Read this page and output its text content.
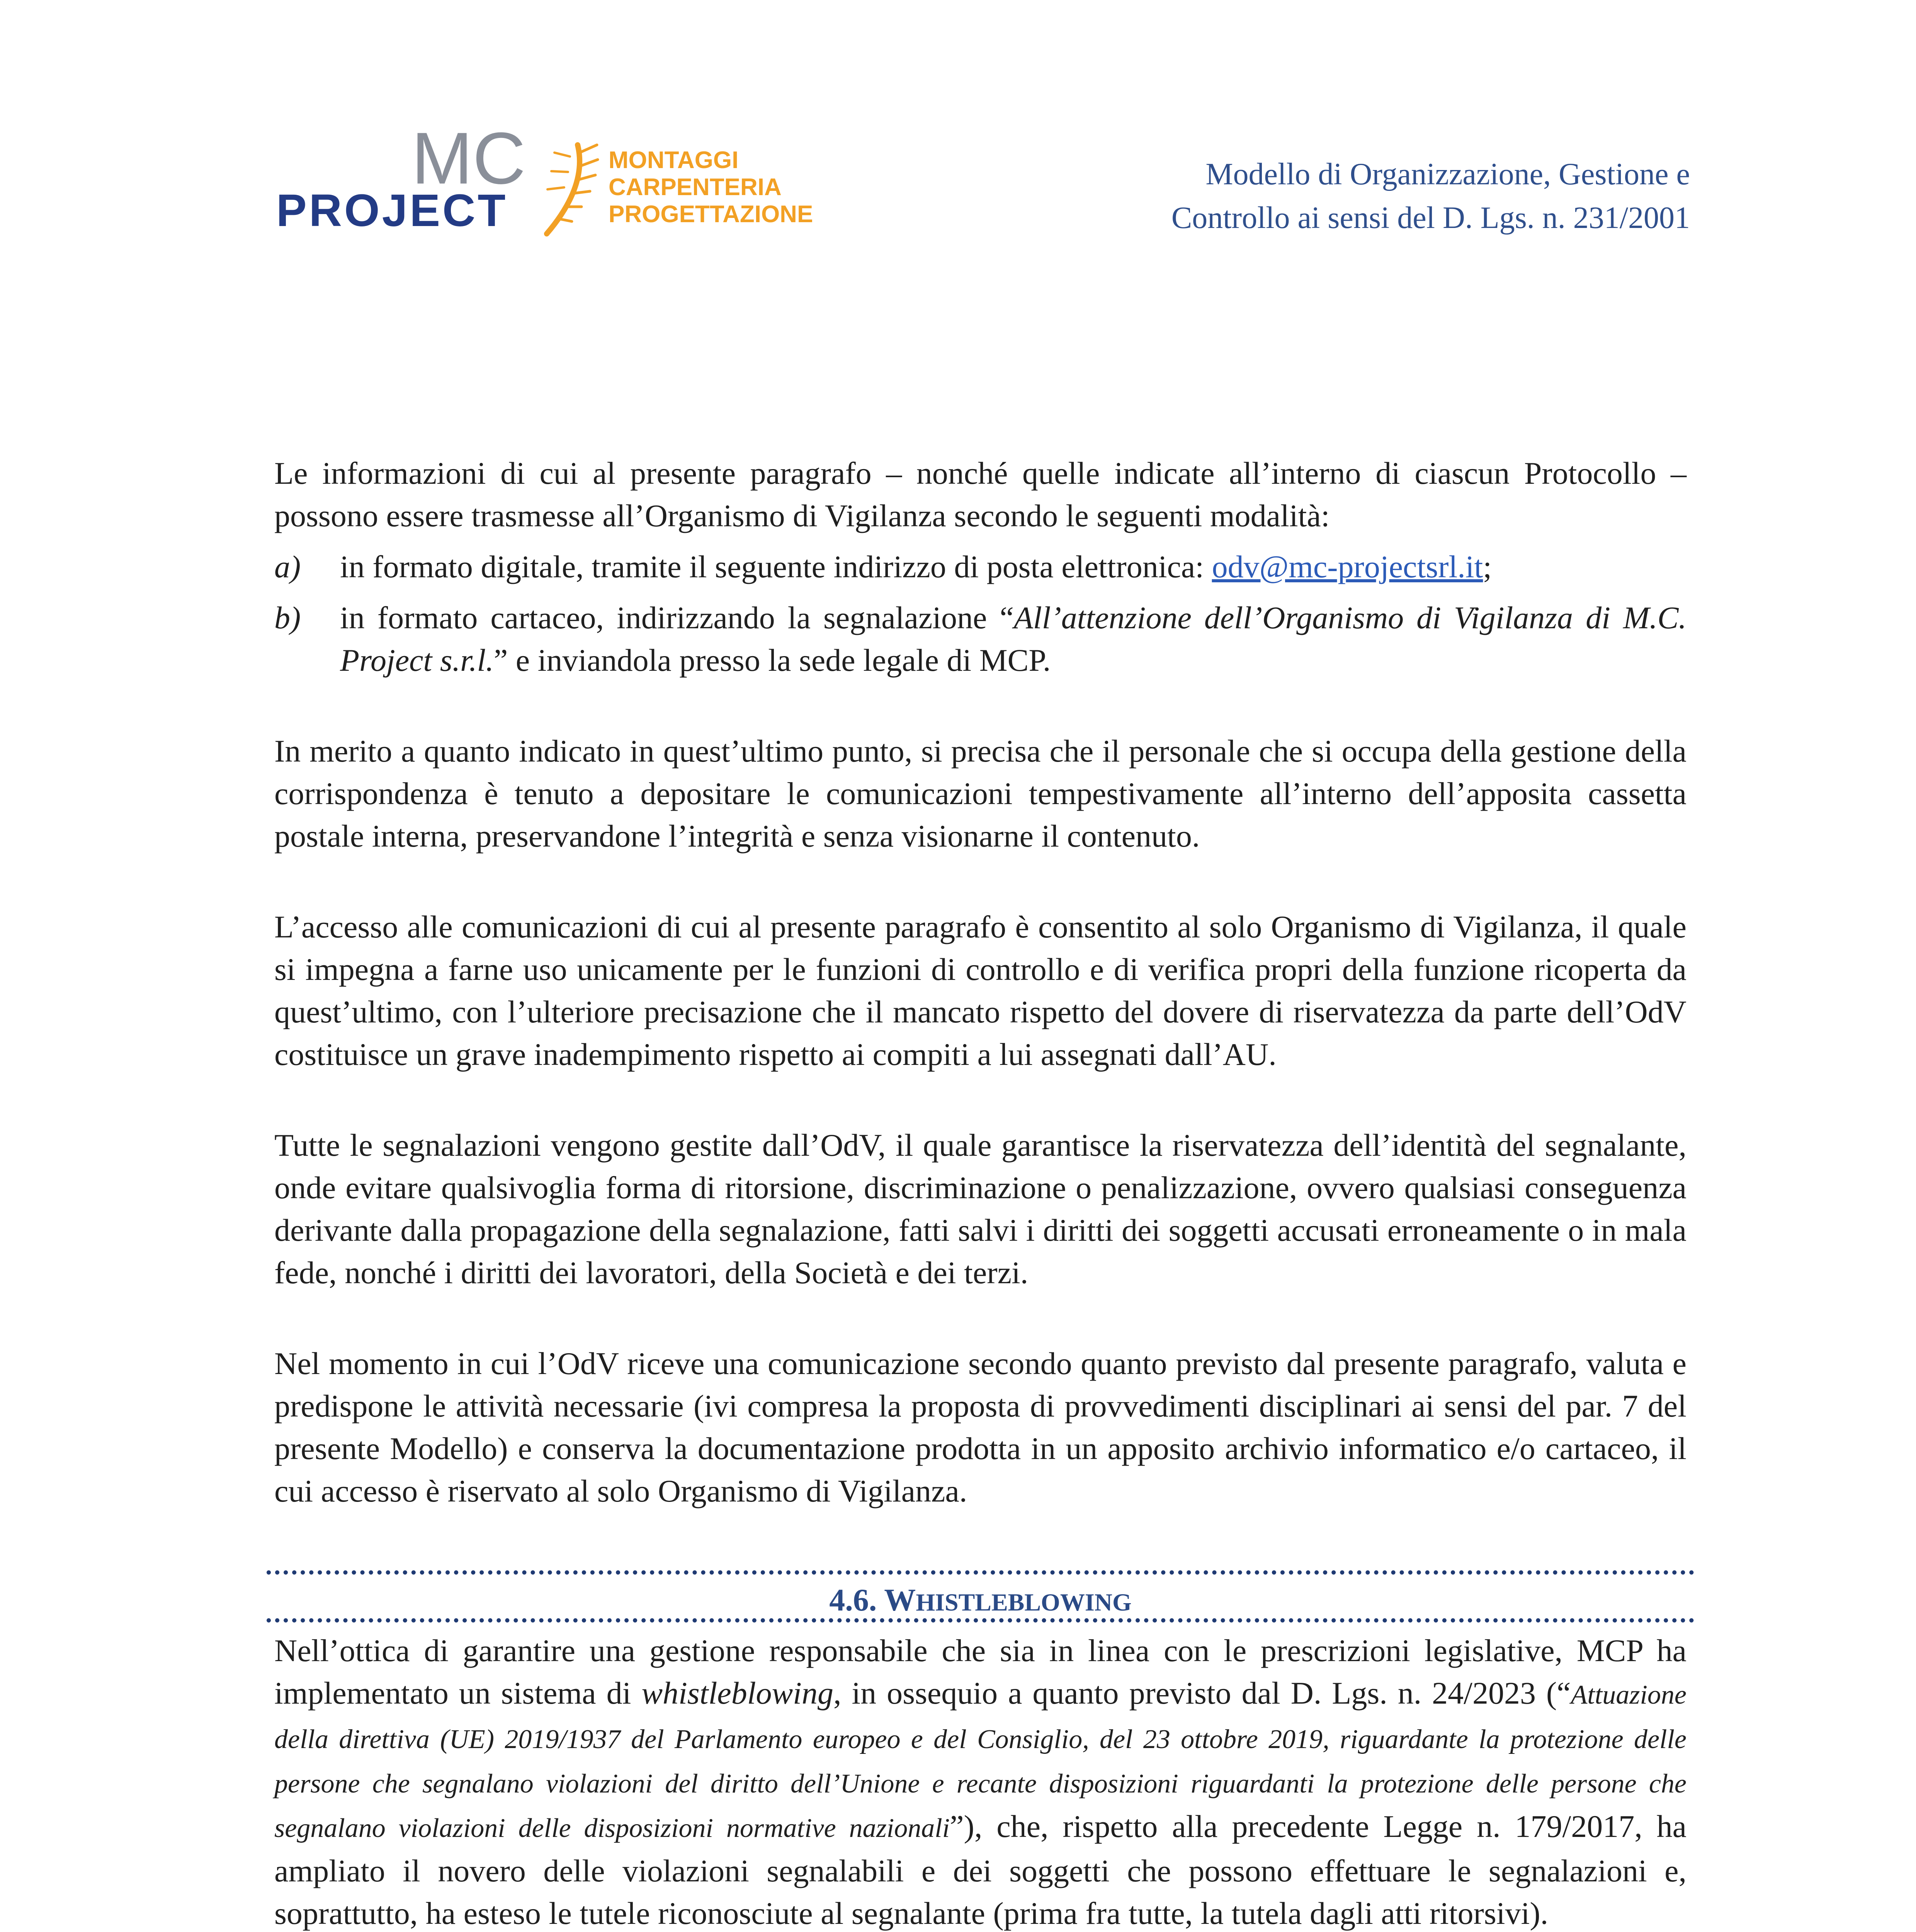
MC
PROJECT
MONTAGGI
CARPENTERIA
PROGETTAZIONE
Modello di Organizzazione, Gestione e
Controllo ai sensi del D. Lgs. n. 231/2001

Le informazioni di cui al presente paragrafo – nonché quelle indicate all’interno di ciascun Protocollo – possono essere trasmesse all’Organismo di Vigilanza secondo le seguenti modalità:

a)	in formato digitale, tramite il seguente indirizzo di posta elettronica: odv@mc-projectsrl.it;
b)	in formato cartaceo, indirizzando la segnalazione “All’attenzione dell’Organismo di Vigilanza di M.C. Project s.r.l.” e inviandola presso la sede legale di MCP.

In merito a quanto indicato in quest’ultimo punto, si precisa che il personale che si occupa della gestione della corrispondenza è tenuto a depositare le comunicazioni tempestivamente all’interno dell’apposita cassetta postale interna, preservandone l’integrità e senza visionarne il contenuto.

L’accesso alle comunicazioni di cui al presente paragrafo è consentito al solo Organismo di Vigilanza, il quale si impegna a farne uso unicamente per le funzioni di controllo e di verifica propri della funzione ricoperta da quest’ultimo, con l’ulteriore precisazione che il mancato rispetto del dovere di riservatezza da parte dell’OdV costituisce un grave inadempimento rispetto ai compiti a lui assegnati dall’AU.

Tutte le segnalazioni vengono gestite dall’OdV, il quale garantisce la riservatezza dell’identità del segnalante, onde evitare qualsivoglia forma di ritorsione, discriminazione o penalizzazione, ovvero qualsiasi conseguenza derivante dalla propagazione della segnalazione, fatti salvi i diritti dei soggetti accusati erroneamente o in mala fede, nonché i diritti dei lavoratori, della Società e dei terzi.

Nel momento in cui l’OdV riceve una comunicazione secondo quanto previsto dal presente paragrafo, valuta e predispone le attività necessarie (ivi compresa la proposta di provvedimenti disciplinari ai sensi del par. 7 del presente Modello) e conserva la documentazione prodotta in un apposito archivio informatico e/o cartaceo, il cui accesso è riservato al solo Organismo di Vigilanza.

4.6. WHISTLEBLOWING

Nell’ottica di garantire una gestione responsabile che sia in linea con le prescrizioni legislative, MCP ha implementato un sistema di whistleblowing, in ossequio a quanto previsto dal D. Lgs. n. 24/2023 (“Attuazione della direttiva (UE) 2019/1937 del Parlamento europeo e del Consiglio, del 23 ottobre 2019, riguardante la protezione delle persone che segnalano violazioni del diritto dell’Unione e recante disposizioni riguardanti la protezione delle persone che segnalano violazioni delle disposizioni normative nazionali”), che, rispetto alla precedente Legge n. 179/2017, ha ampliato il novero delle violazioni segnalabili e dei soggetti che possono effettuare le segnalazioni e, soprattutto, ha esteso le tutele riconosciute al segnalante (prima fra tutte, la tutela dagli atti ritorsivi).
